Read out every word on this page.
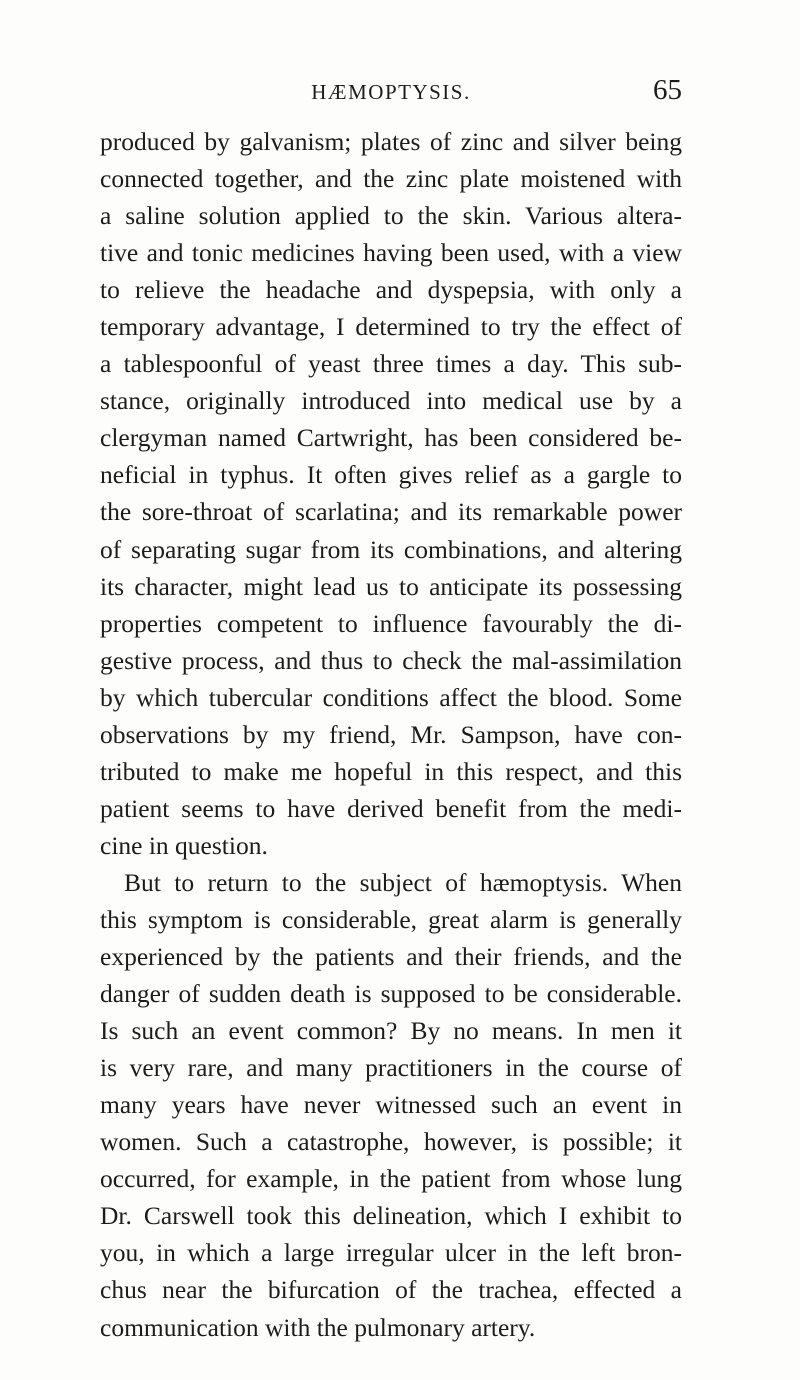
HÆMOPTYSIS.	65
produced by galvanism; plates of zinc and silver being
connected together, and the zinc plate moistened with
a saline solution applied to the skin. Various altera-
tive and tonic medicines having been used, with a view
to relieve the headache and dyspepsia, with only a
temporary advantage, I determined to try the effect of
a tablespoonful of yeast three times a day. This sub-
stance, originally introduced into medical use by a
clergyman named Cartwright, has been considered be-
neficial in typhus. It often gives relief as a gargle to
the sore-throat of scarlatina; and its remarkable power
of separating sugar from its combinations, and altering
its character, might lead us to anticipate its possessing
properties competent to influence favourably the di-
gestive process, and thus to check the mal-assimilation
by which tubercular conditions affect the blood. Some
observations by my friend, Mr. Sampson, have con-
tributed to make me hopeful in this respect, and this
patient seems to have derived benefit from the medi-
cine in question.
But to return to the subject of hæmoptysis. When
this symptom is considerable, great alarm is generally
experienced by the patients and their friends, and the
danger of sudden death is supposed to be considerable.
Is such an event common? By no means. In men it
is very rare, and many practitioners in the course of
many years have never witnessed such an event in
women. Such a catastrophe, however, is possible; it
occurred, for example, in the patient from whose lung
Dr. Carswell took this delineation, which I exhibit to
you, in which a large irregular ulcer in the left bron-
chus near the bifurcation of the trachea, effected a
communication with the pulmonary artery.
